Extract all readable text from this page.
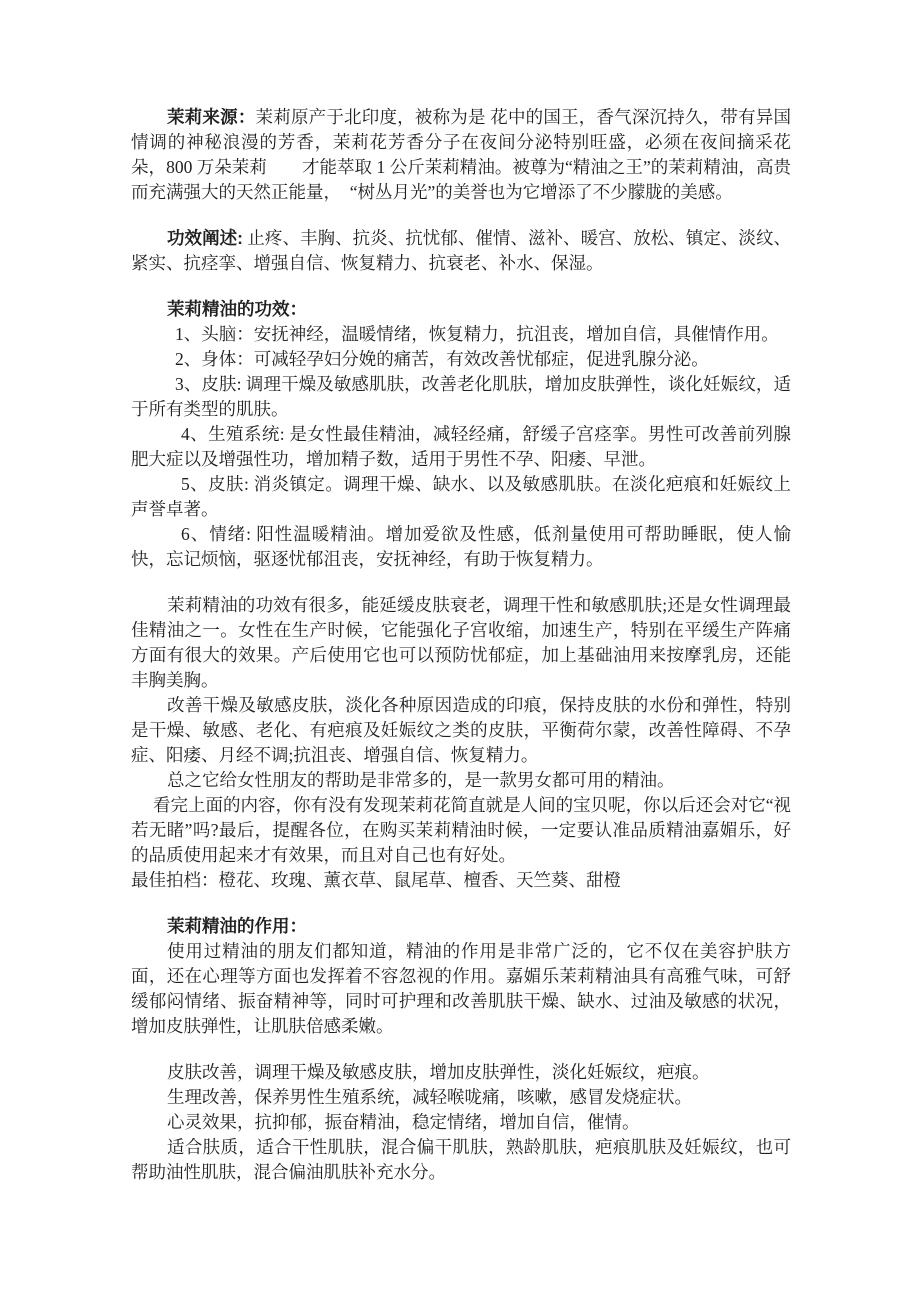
茉莉来源：茉莉原产于北印度，被称为是 花中的国王，香气深沉持久，带有异国情调的神秘浪漫的芳香，茉莉花芳香分子在夜间分泌特别旺盛，必须在夜间摘采花朵，800 万朵茉莉　　才能萃取 1 公斤茉莉精油。被尊为“精油之王”的茉莉精油，高贵而充满强大的天然正能量，　“树丛月光”的美誉也为它增添了不少朦胧的美感。

功效阐述: 止疼、丰胸、抗炎、抗忧郁、催情、滋补、暖宫、放松、镇定、淡纹、紧实、抗痉挛、增强自信、恢复精力、抗衰老、补水、保湿。

茉莉精油的功效：

1、头脑：安抚神经，温暖情绪，恢复精力，抗沮丧，增加自信，具催情作用。

2、身体：可减轻孕妇分娩的痛苦，有效改善忧郁症，促进乳腺分泌。

3、皮肤: 调理干燥及敏感肌肤，改善老化肌肤，增加皮肤弹性，谈化妊娠纹，适于所有类型的肌肤。

4、生殖系统: 是女性最佳精油，减轻经痛，舒缓子宫痉挛。男性可改善前列腺肥大症以及增强性功，增加精子数，适用于男性不孕、阳痿、早泄。

5、皮肤: 消炎镇定。调理干燥、缺水、以及敏感肌肤。在淡化疤痕和妊娠纹上声誉卓著。

6、情绪: 阳性温暖精油。增加爱欲及性感，低剂量使用可帮助睡眠，使人愉快，忘记烦恼，驱逐忧郁沮丧，安抚神经，有助于恢复精力。

茉莉精油的功效有很多，能延缓皮肤衰老，调理干性和敏感肌肤;还是女性调理最佳精油之一。女性在生产时候，它能强化子宫收缩，加速生产，特别在平缓生产阵痛方面有很大的效果。产后使用它也可以预防忧郁症，加上基础油用来按摩乳房，还能丰胸美胸。

改善干燥及敏感皮肤，淡化各种原因造成的印痕，保持皮肤的水份和弹性，特别是干燥、敏感、老化、有疤痕及妊娠纹之类的皮肤，平衡荷尔蒙，改善性障碍、不孕症、阳痿、月经不调;抗沮丧、增强自信、恢复精力。

总之它给女性朋友的帮助是非常多的，是一款男女都可用的精油。

看完上面的内容，你有没有发现茉莉花简直就是人间的宝贝呢，你以后还会对它“视若无睹”吗?最后，提醒各位，在购买茉莉精油时候，一定要认准品质精油嘉媚乐，好的品质使用起来才有效果，而且对自己也有好处。

最佳拍档：橙花、玫瑰、薰衣草、鼠尾草、檀香、天竺葵、甜橙

茉莉精油的作用：

使用过精油的朋友们都知道，精油的作用是非常广泛的，它不仅在美容护肤方面，还在心理等方面也发挥着不容忽视的作用。嘉媚乐茉莉精油具有高雅气味，可舒缓郁闷情绪、振奋精神等，同时可护理和改善肌肤干燥、缺水、过油及敏感的状况，增加皮肤弹性，让肌肤倍感柔嫩。

皮肤改善，调理干燥及敏感皮肤，增加皮肤弹性，淡化妊娠纹，疤痕。

生理改善，保养男性生殖系统，减轻喉咙痛，咳嗽，感冒发烧症状。

心灵效果，抗抑郁，振奋精油，稳定情绪，增加自信，催情。

适合肤质，适合干性肌肤，混合偏干肌肤，熟龄肌肤，疤痕肌肤及妊娠纹，也可帮助油性肌肤，混合偏油肌肤补充水分。
